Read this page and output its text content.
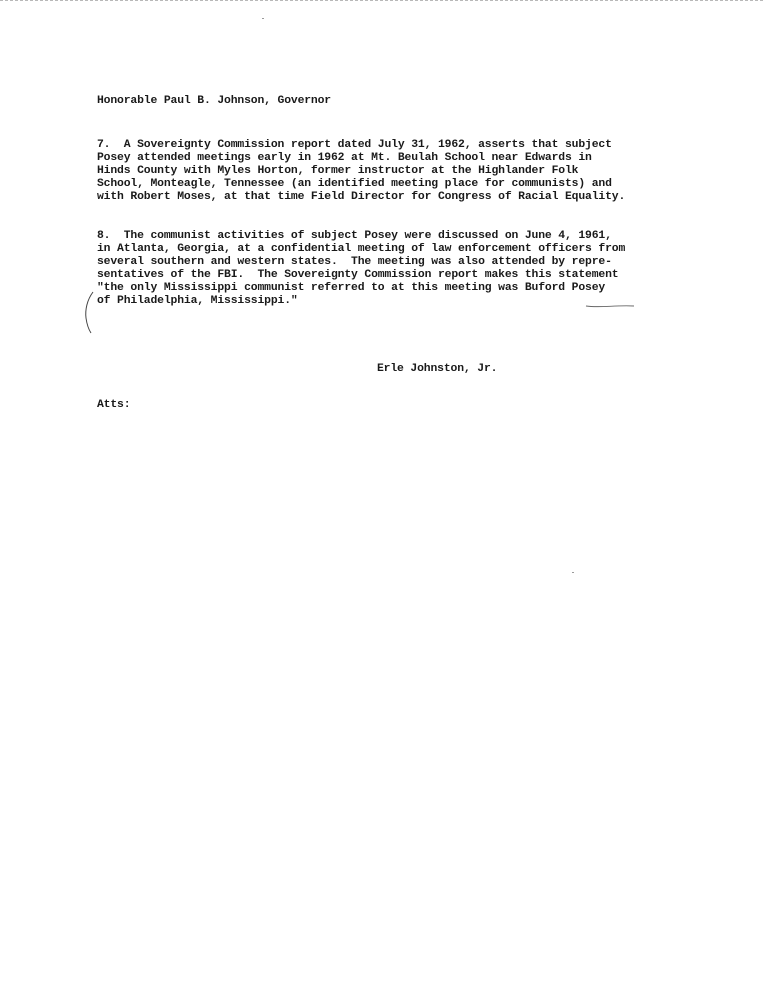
Honorable Paul B. Johnson, Governor
7.  A Sovereignty Commission report dated July 31, 1962, asserts that subject
Posey attended meetings early in 1962 at Mt. Beulah School near Edwards in
Hinds County with Myles Horton, former instructor at the Highlander Folk
School, Monteagle, Tennessee (an identified meeting place for communists) and
with Robert Moses, at that time Field Director for Congress of Racial Equality.
8.  The communist activities of subject Posey were discussed on June 4, 1961,
in Atlanta, Georgia, at a confidential meeting of law enforcement officers from
several southern and western states.  The meeting was also attended by repre-
sentatives of the FBI.  The Sovereignty Commission report makes this statement
"the only Mississippi communist referred to at this meeting was Buford Posey
of Philadelphia, Mississippi."
Erle Johnston, Jr.
Atts:
